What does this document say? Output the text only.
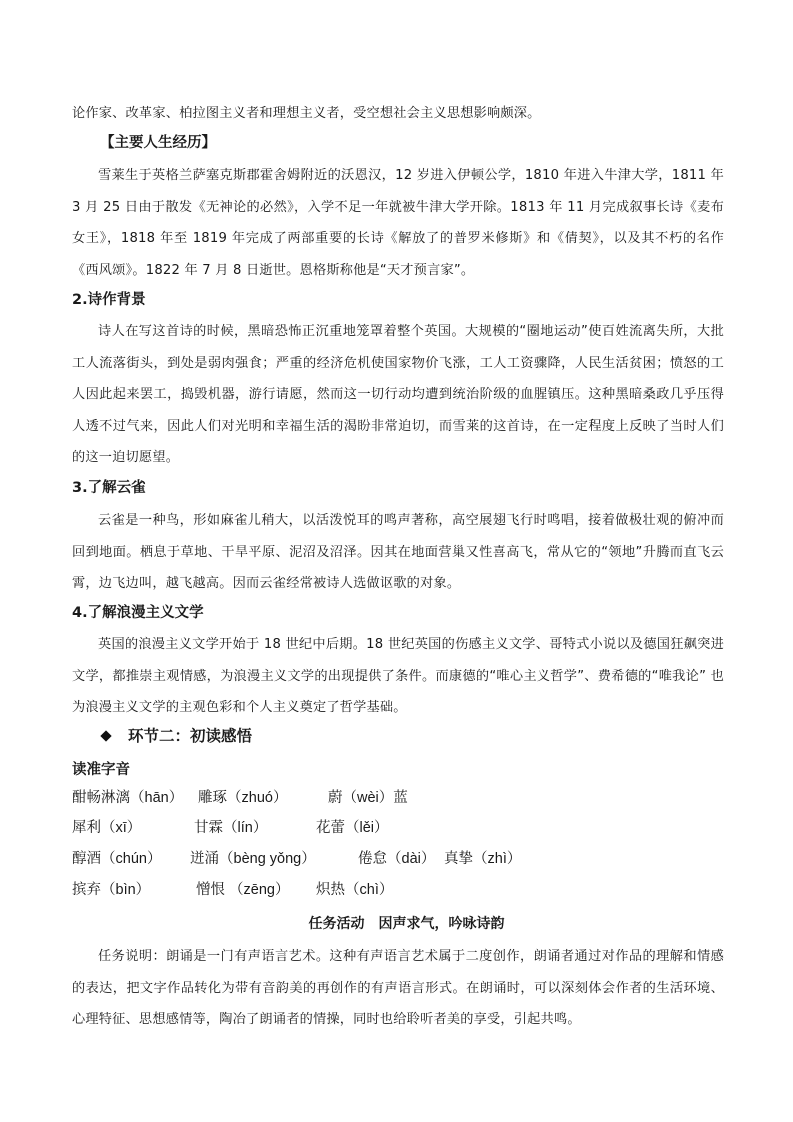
论作家、改革家、柏拉图主义者和理想主义者，受空想社会主义思想影响颇深。

【主要人生经历】

雪莱生于英格兰萨塞克斯郡霍舍姆附近的沃恩汉，12 岁进入伊顿公学，1810 年进入牛津大学，1811 年 3 月 25 日由于散发《无神论的必然》，入学不足一年就被牛津大学开除。1813 年 11 月完成叙事长诗《麦布女王》，1818 年至 1819 年完成了两部重要的长诗《解放了的普罗米修斯》和《倩契》，以及其不朽的名作《西风颂》。1822 年 7 月 8 日逝世。恩格斯称他是“天才预言家”。

2.诗作背景

诗人在写这首诗的时候，黑暗恐怖正沉重地笼罩着整个英国。大规模的“圈地运动”使百姓流离失所，大批工人流落街头，到处是弱肉强食；严重的经济危机使国家物价飞涨，工人工资骤降，人民生活贫困；愤怒的工人因此起来罢工，捣毁机器，游行请愿，然而这一切行动均遭到统治阶级的血腥镇压。这种黑暗桑政几乎压得人透不过气来，因此人们对光明和幸福生活的渴盼非常迫切，而雪莱的这首诗，在一定程度上反映了当时人们的这一迫切愿望。

3.了解云雀

云雀是一种鸟，形如麻雀儿稍大，以活泼悦耳的鸣声著称，高空展翅飞行时鸣唱，接着做极壮观的俯冲而回到地面。栖息于草地、干旱平原、泥沼及沼泽。因其在地面营巢又性喜高飞，常从它的“领地”升腾而直飞云霄，边飞边叫，越飞越高。因而云雀经常被诗人选做讴歌的对象。

4.了解浪漫主义文学

英国的浪漫主义文学开始于 18 世纪中后期。18 世纪英国的伤感主义文学、哥特式小说以及德国狂飙突进文学，都推崇主观情感，为浪漫主义文学的出现提供了条件。而康德的“唯心主义哲学”、费希德的“唯我论” 也为浪漫主义文学的主观色彩和个人主义奠定了哲学基础。

环节二：初读感悟
读准字音
酣畅淋漓（hān） 雕琢（zhuó）	蔚（wèi）蓝
犀利（xī）	甘霖（lín）	花蕾（lěi）
醇酒（chún） 迸涌（bèng yǒng）	倦怠（dài） 真挚（zhì）
摈弃（bìn）	憎恨 （zēng） 炽热（chì）
任务活动　因声求气，吟咏诗韵

任务说明：朗诵是一门有声语言艺术。这种有声语言艺术属于二度创作，朗诵者通过对作品的理解和情感的表达，把文字作品转化为带有音韵美的再创作的有声语言形式。在朗诵时，可以深刻体会作者的生活环境、心理特征、思想感情等，陶冶了朗诵者的情操，同时也给聆听者美的享受，引起共鸣。
